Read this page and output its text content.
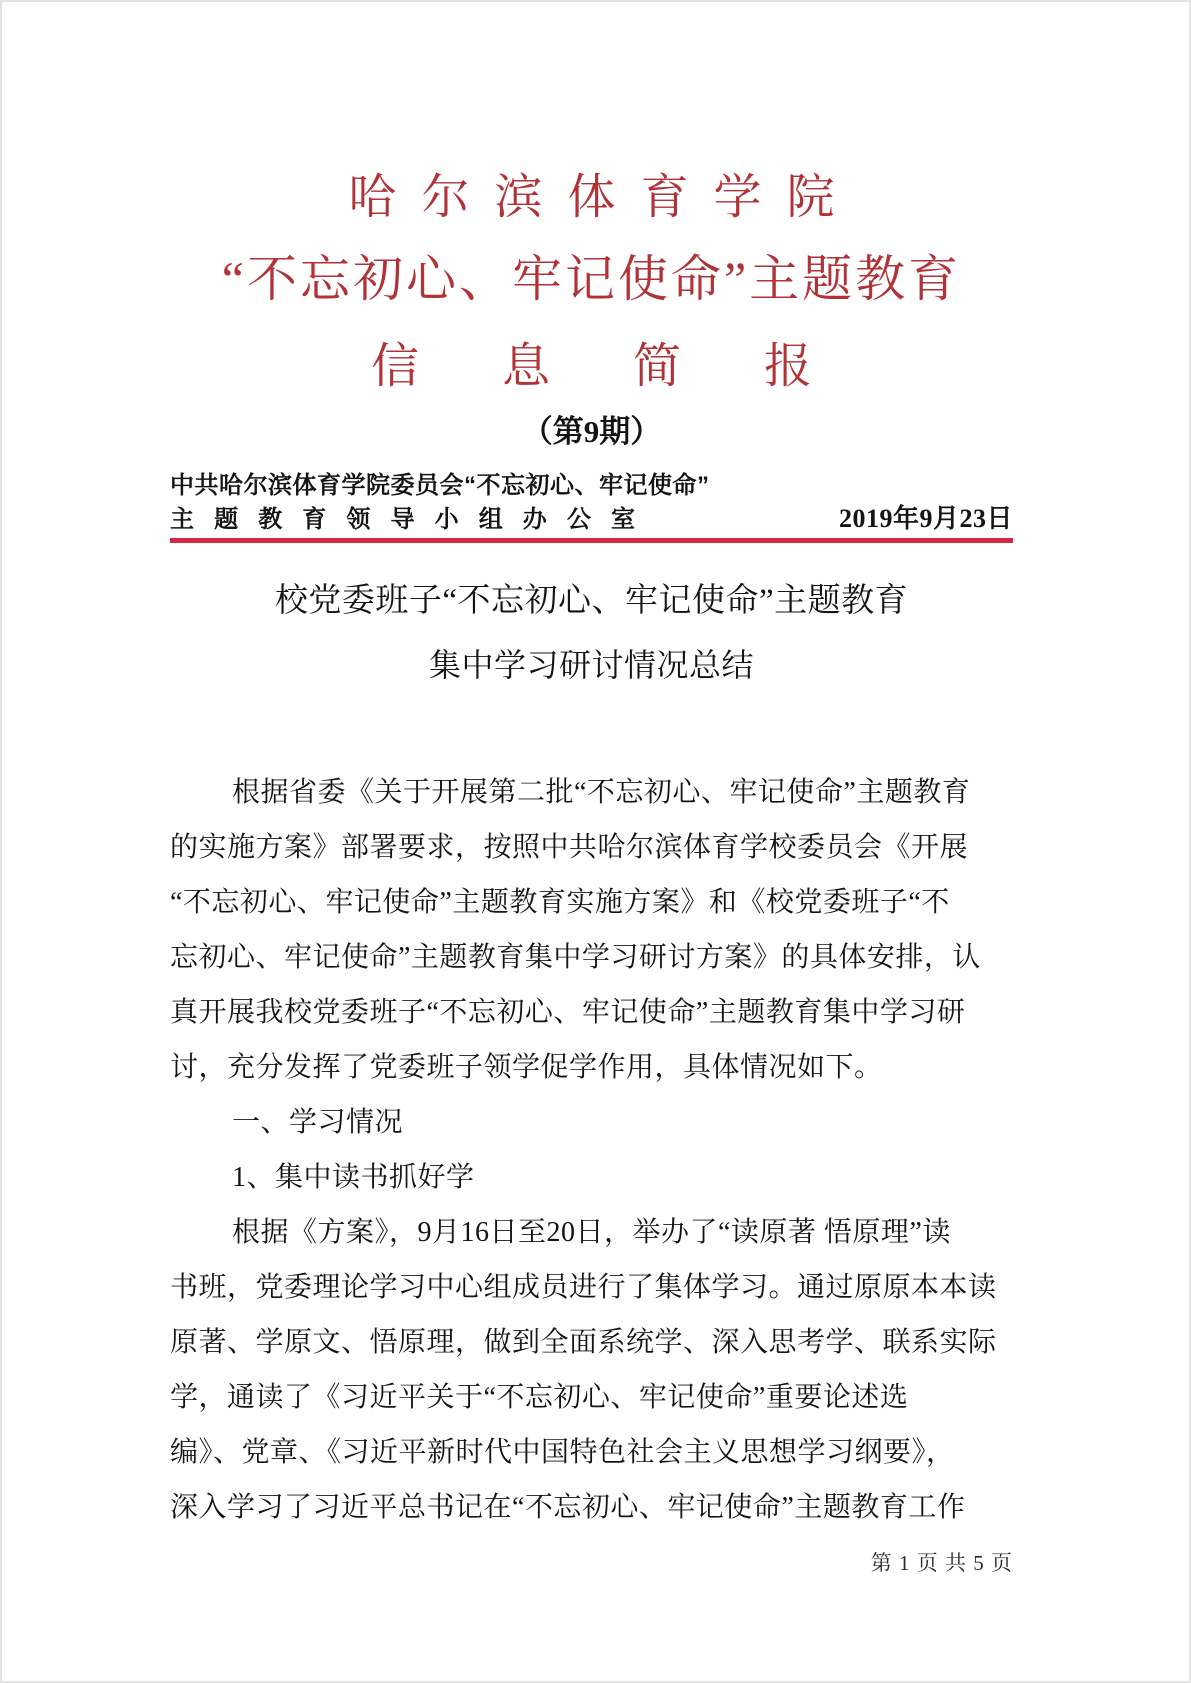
哈尔滨体育学院
“不忘初心、牢记使命”主题教育
信息简报
（第9期）
中共哈尔滨体育学院委员会“不忘初心、牢记使命”
主题教育领导小组办公室	2019年9月23日
校党委班子“不忘初心、牢记使命”主题教育
集中学习研讨情况总结
根据省委《关于开展第二批“不忘初心、牢记使命”主题教育
的实施方案》部署要求，按照中共哈尔滨体育学校委员会《开展
“不忘初心、牢记使命”主题教育实施方案》和《校党委班子“不
忘初心、牢记使命”主题教育集中学习研讨方案》的具体安排，认
真开展我校党委班子“不忘初心、牢记使命”主题教育集中学习研
讨，充分发挥了党委班子领学促学作用，具体情况如下。
一、学习情况
1、集中读书抓好学
根据《方案》，9月16日至20日，举办了“读原著 悟原理”读
书班，党委理论学习中心组成员进行了集体学习。通过原原本本读
原著、学原文、悟原理，做到全面系统学、深入思考学、联系实际
学，通读了《习近平关于“不忘初心、牢记使命”重要论述选
编》、党章、《习近平新时代中国特色社会主义思想学习纲要》，
深入学习了习近平总书记在“不忘初心、牢记使命”主题教育工作
第 1 页 共 5 页
